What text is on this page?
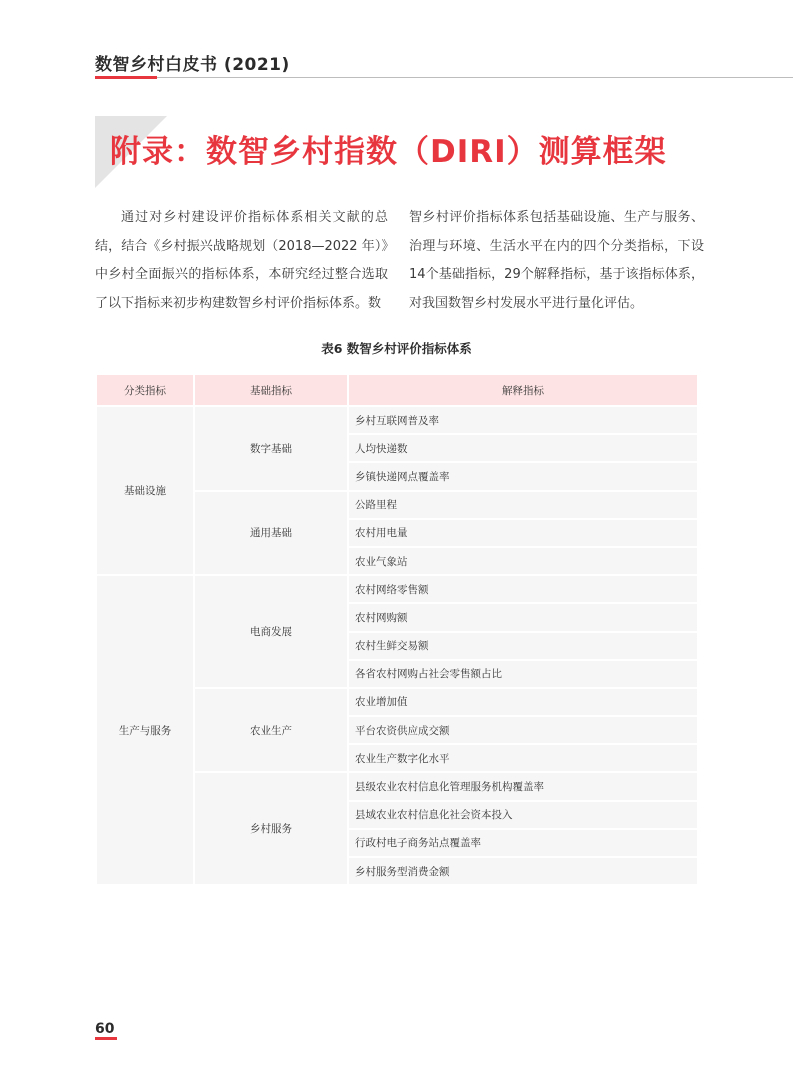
数智乡村白皮书 (2021)
附录：数智乡村指数（DIRI）测算框架

通过对乡村建设评价指标体系相关文献的总结，结合《乡村振兴战略规划（2018—2022 年）》中乡村全面振兴的指标体系，本研究经过整合选取了以下指标来初步构建数智乡村评价指标体系。数

智乡村评价指标体系包括基础设施、生产与服务、治理与环境、生活水平在内的四个分类指标，下设 14个基础指标，29个解释指标，基于该指标体系，对我国数智乡村发展水平进行量化评估。

表6 数智乡村评价指标体系
分类指标	基础指标	解释指标
基础设施	数字基础	乡村互联网普及率
		人均快递数
		乡镇快递网点覆盖率
	通用基础	公路里程
		农村用电量
		农业气象站
生产与服务	电商发展	农村网络零售额
		农村网购额
		农村生鲜交易额
		各省农村网购占社会零售额占比
	农业生产	农业增加值
		平台农资供应成交额
		农业生产数字化水平
	乡村服务	县级农业农村信息化管理服务机构覆盖率
		县域农业农村信息化社会资本投入
		行政村电子商务站点覆盖率
		乡村服务型消费金额
60
